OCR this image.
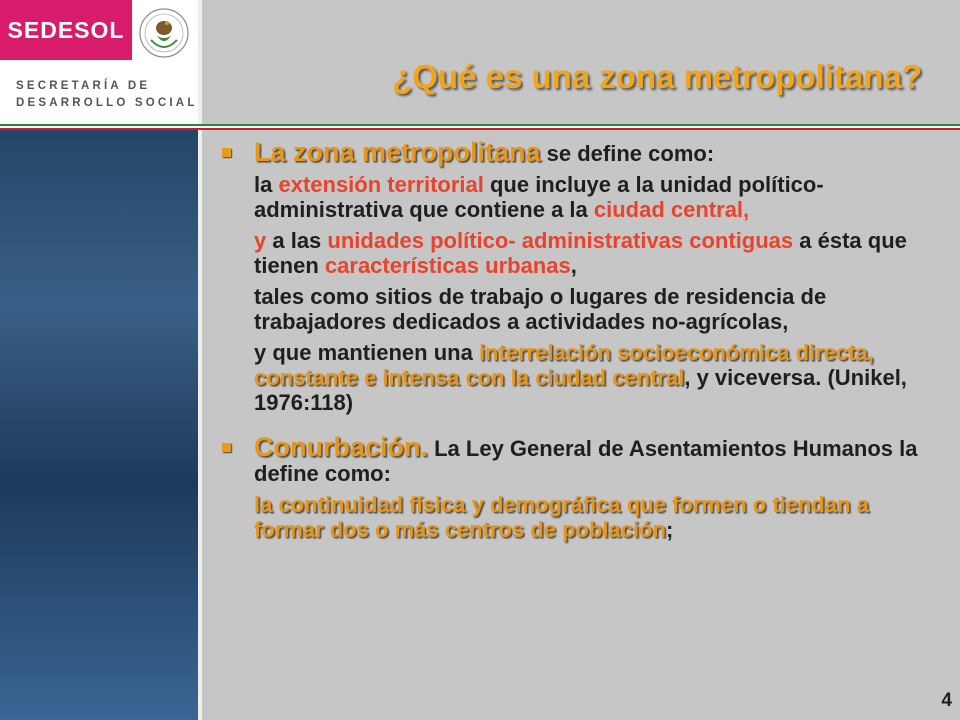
SEDESOL
SECRETARÍA DE
DESARROLLO SOCIAL
¿Qué es una zona metropolitana?

La zona metropolitana se define como:

la extensión territorial que incluye a la unidad político-administrativa que contiene a la ciudad central,

y a las unidades político- administrativas contiguas a ésta que tienen características urbanas,

tales como sitios de trabajo o lugares de residencia de trabajadores dedicados a actividades no-agrícolas,

y que mantienen una interrelación socioeconómica directa, constante e intensa con la ciudad central, y viceversa. (Unikel, 1976:118)

Conurbación. La Ley General de Asentamientos Humanos la define como:

la continuidad física y demográfica que formen o tiendan a formar dos o más centros de población;

4
